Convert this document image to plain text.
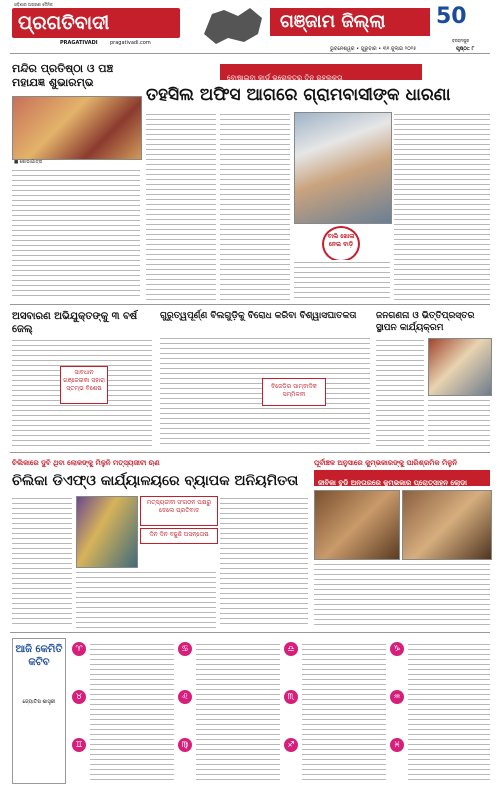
ଓଡ଼ିଶାର ଅଗ୍ରଣୀ ଦୈନିକ
ପ୍ରଗତିବାଦୀ
PRAGATIVADI pragativadi.com
ଗଞ୍ଜାମ ଜିଲ୍ଲା	50
ବ୍ରହ୍ମପୁର
ଭୁବନେଶ୍ୱର • ଗୁରୁବାର • ୩୧ ଜୁଲାଇ ୨୦୨୫	ପୃଷ୍ଠା: ୮
ମନ୍ଦିର ପ୍ରତିଷ୍ଠା ଓ ପଞ୍ଚ ମହାଯଜ୍ଞ ଶୁଭାରମ୍ଭ
■ ଶୋଭାଯାତ୍ରା
ବୋଷାଇବା କାର୍ଡ ଭରୋଳତ୍ରୁ ତିନ୍ ରହଲକ୍ତା
ତହସିଲ ଅଫିସ ଆଗରେ ଗ୍ରାମବାସୀଙ୍କ ଧାରଣା
ବାଲି ଖୋଳା ନେଇ ବାଡ଼ି
ଅସବାରଣ ଅଭିଯୁକ୍ତଙ୍କୁ ୩ ବର୍ଷ ଜେଲ୍
ସାବଧାନ ଗଞ୍ଜେଇକା ସହାରା ସ୍ତମ୍ଭ ବିଶେଷ
ଗୁରୁତ୍ୱପୂର୍ଣ୍ଣ ବିଲଗୁଡ଼ିକୁ ବିରୋଧ କରିବା ବିଶ୍ୱାସଘାତକତା
ବିଜେଡ଼ିର ସାମ୍ବାଦିକ ସମ୍ମିଳନୀ
ଜନଗଣନା ଓ ଭିତ୍ତିପ୍ରସ୍ତର ସ୍ଥାପନ କାର୍ଯ୍ୟକ୍ରମ
ଚିଲିକାରେ ଦୁବି ଥିବା ଲୋକଙ୍କୁ ମିଳୁନି ମତ୍ସ୍ୟଜୀବୀ ଋଣ
ଚିଲିକା ଡିଏଫ୍‌ଓ କାର୍ଯ୍ୟାଳୟରେ ବ୍ୟାପକ ଅନିୟମିତତା
ମତ୍ସ୍ୟଜୀବୀ ସଂଗଠନ ପକ୍ଷରୁ ଦେଲେ ପ୍ରତିବାଦ
ଦିନ ଦିନ ବଢୁଛି ଅସନ୍ତୋଷ
ପୂର୍ବାଞ୍ଚଳ ଅନୁସାରେ କୁମ୍ଭକାରଙ୍କୁ ପାରିଶ୍ରମିକ ମିଳୁନି
ଜୀବିକା ବୁଡ଼ି ଅନ୍ତାରରେ କୁମ୍ଭକାର ପ୍ରୋତ୍ସାହନ ଲୋଡ଼ା
ଆଜି କେମିତି କଟିବ
ଜ୍ୟୋତିଷ ଶାସ୍ତ୍ରୀ
♈
♉
♊
♋
♌
♍
♎
♏
♐
♑
♒
♓
